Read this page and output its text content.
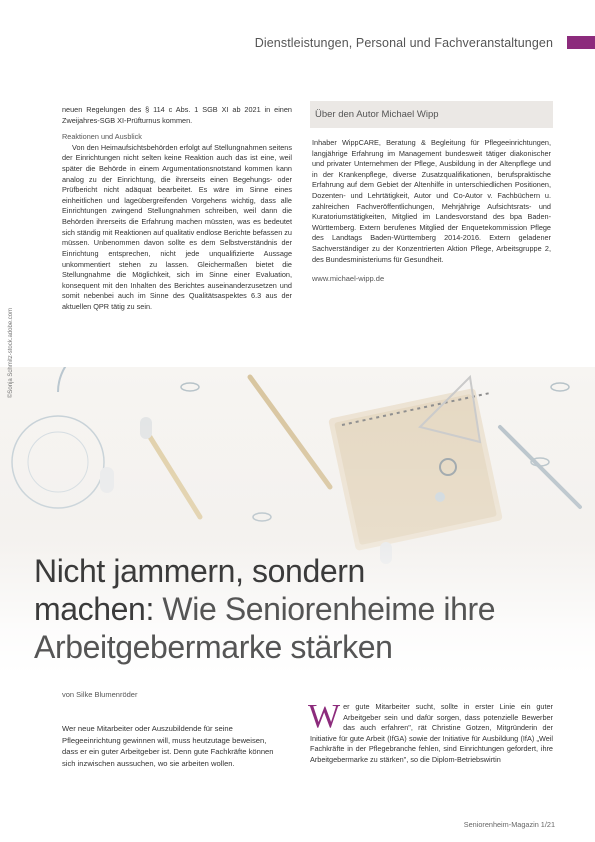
Dienstleistungen, Personal und Fachveranstaltungen

neuen Regelungen des § 114 c Abs. 1 SGB XI ab 2021 in einen Zweijahres-SGB XI-Prüfturnus kommen.

Reaktionen und Ausblick

Von den Heimaufsichtsbehörden erfolgt auf Stellungnahmen seitens der Einrichtungen nicht selten keine Reaktion auch das ist eine, weil später die Behörde in einem Argumentationsnotstand kommen kann analog zu der Einrichtung, die ihrerseits einen Begehungs- oder Prüfbericht nicht adäquat bearbeitet. Es wäre im Sinne eines einheitlichen und lageübergreifenden Vorgehens wichtig, dass alle Einrichtungen zwingend Stellungnahmen schreiben, weil dann die Behörden ihrerseits die Erfahrung machen müssten, was es bedeutet sich ständig mit Reaktionen auf qualitativ endlose Berichte befassen zu müssen. Unbenommen davon sollte es dem Selbstverständnis der Einrichtung entsprechen, nicht jede unqualifizierte Aussage unkommentiert stehen zu lassen. Gleichermaßen bietet die Stellungnahme die Möglichkeit, sich im Sinne einer Evaluation, konsequent mit den Inhalten des Berichtes auseinanderzusetzen und somit nebenbei auch im Sinne des Qualitätsaspektes 6.3 aus der aktuellen QPR tätig zu sein.

Über den Autor Michael Wipp

Inhaber WippCARE, Beratung & Begleitung für Pflegeeinrichtungen, langjährige Erfahrung im Management bundesweit tätiger diakonischer und privater Unternehmen der Pflege, Ausbildung in der Altenpflege und in der Krankenpflege, diverse Zusatzqualifikationen, berufspraktische Erfahrung auf dem Gebiet der Altenhilfe in unterschiedlichen Positionen, Dozenten- und Lehrtätigkeit, Autor und Co-Autor v. Fachbüchern u. zahlreichen Fachveröffentlichungen, Mehrjährige Aufsichtsrats- und Kuratoriumstätigkeiten, Mitglied im Landesvorstand des bpa Baden-Württemberg. Extern berufenes Mitglied der Enquetekommission Pflege des Landtags Baden-Württemberg 2014-2016. Extern geladener Sachverständiger zu der Konzentrierten Aktion Pflege, Arbeitsgruppe 2, des Bundesministeriums für Gesundheit.

www.michael-wipp.de

©Sonja Schmitz-stock.adobe.com
Nicht jammern, sondern
machen: Wie Seniorenheime ihre
Arbeitgebermarke stärken
von Silke Blumenröder
Wer neue Mitarbeiter oder Auszubildende für seine Pflegeeinrichtung gewinnen will, muss heutzutage beweisen, dass er ein guter Arbeitgeber ist. Denn gute Fachkräfte können sich inzwischen aussuchen, wo sie arbeiten wollen.
W er gute Mitarbeiter sucht, sollte in erster Linie ein guter Arbeitgeber sein und dafür sorgen, dass potenzielle Bewerber das auch erfahren", rät Christine Gotzen, Mitgründerin der Initiative für gute Arbeit (IfGA) sowie der Initiative für Ausbildung (IfA) „Weil Fachkräfte in der Pflegebranche fehlen, sind Einrichtungen gefordert, ihre Arbeitgebermarke zu stärken", so die Diplom-Betriebswirtin
Seniorenheim-Magazin 1/21
